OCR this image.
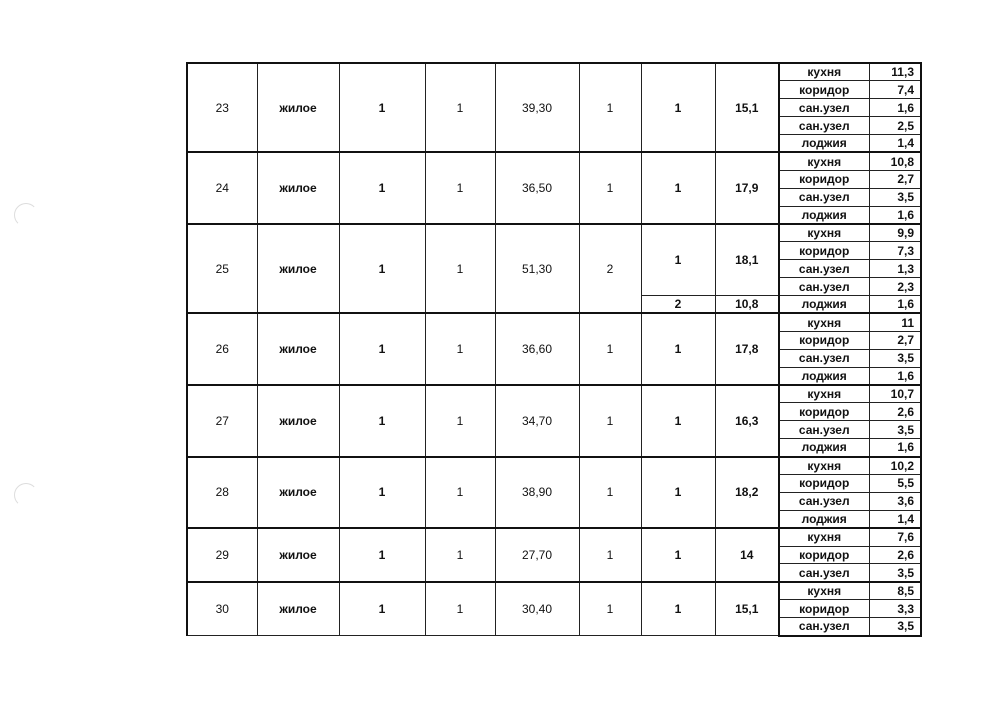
23	жилое	1	1	39,30	1	1	15,1	кухня	11,3
								коридор	7,4
								сан.узел	1,6
								сан.узел	2,5
								лоджия	1,4
24	жилое	1	1	36,50	1	1	17,9	кухня	10,8
								коридор	2,7
								сан.узел	3,5
								лоджия	1,6
25	жилое	1	1	51,30	2	1	18,1	кухня	9,9
								коридор	7,3
								сан.узел	1,3
								сан.узел	2,3
						2	10,8	лоджия	1,6
26	жилое	1	1	36,60	1	1	17,8	кухня	11
								коридор	2,7
								сан.узел	3,5
								лоджия	1,6
27	жилое	1	1	34,70	1	1	16,3	кухня	10,7
								коридор	2,6
								сан.узел	3,5
								лоджия	1,6
28	жилое	1	1	38,90	1	1	18,2	кухня	10,2
								коридор	5,5
								сан.узел	3,6
								лоджия	1,4
29	жилое	1	1	27,70	1	1	14	кухня	7,6
								коридор	2,6
								сан.узел	3,5
30	жилое	1	1	30,40	1	1	15,1	кухня	8,5
								коридор	3,3
								сан.узел	3,5
